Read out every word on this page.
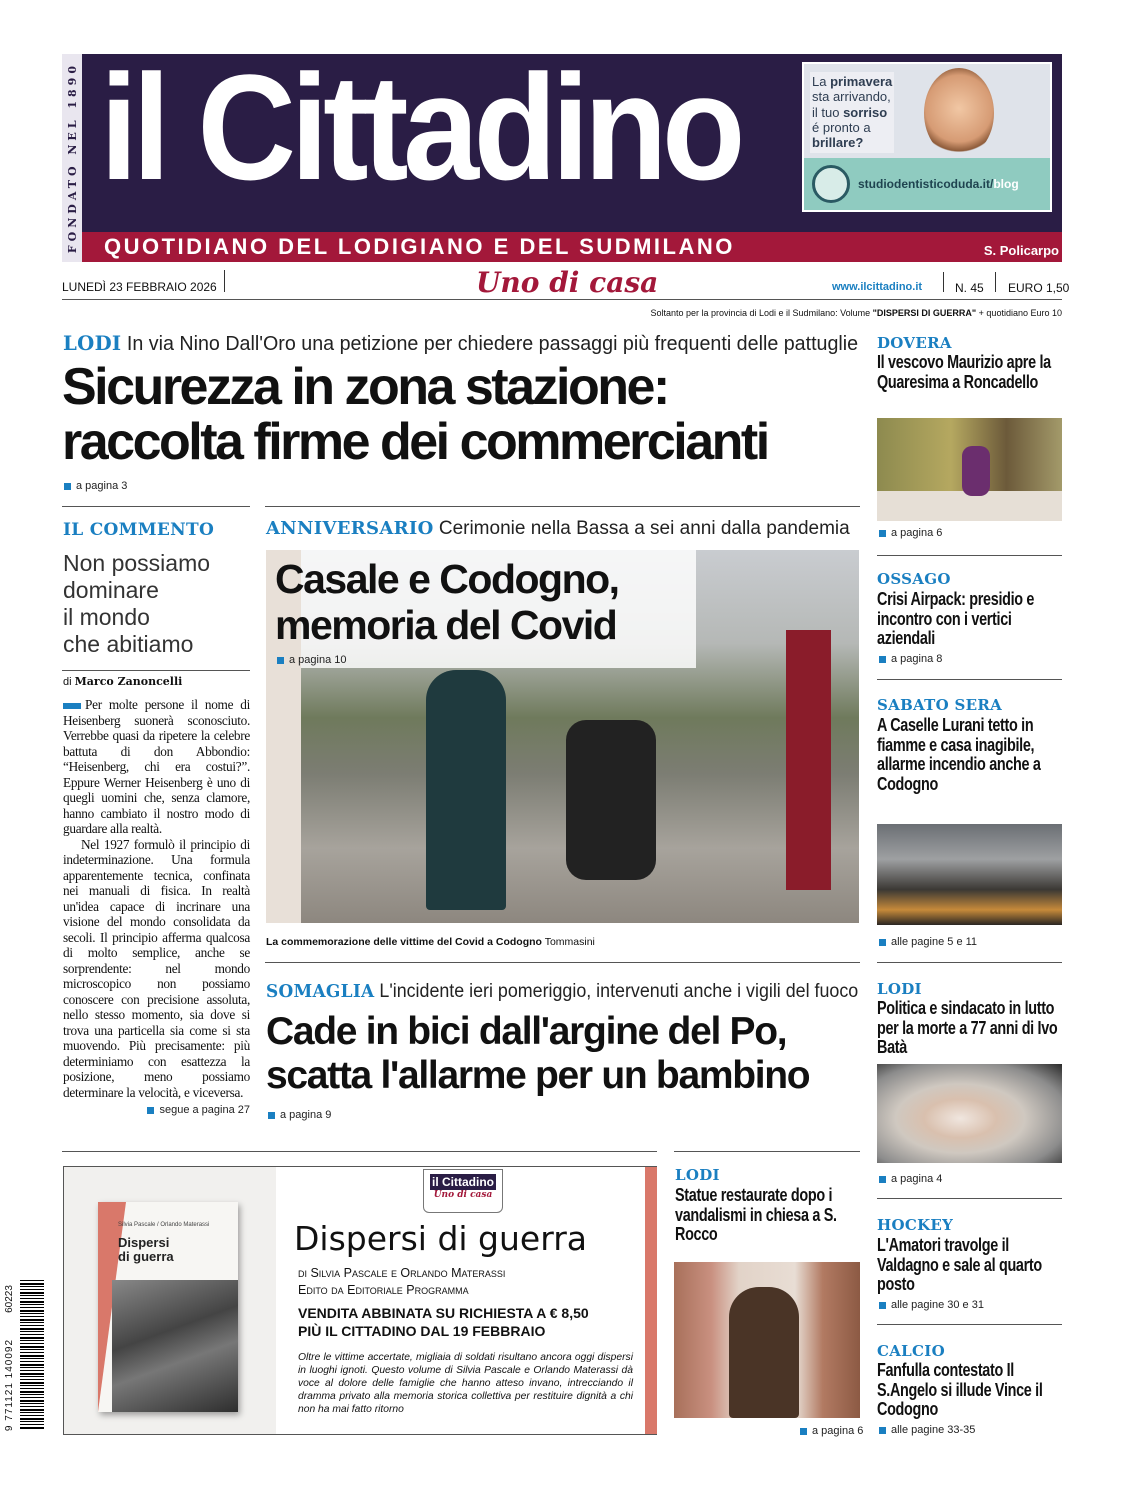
FONDATO NEL 1890 il Cittadino
QUOTIDIANO DEL LODIGIANO E DEL SUDMILANO	S. Policarpo
La primavera
sta arrivando,
il tuo sorriso
é pronto a
brillare?
studiodentisticoduda.it/blog
LUNEDÌ 23 FEBBRAIO 2026	Uno di casa	www.ilcittadino.it	N. 45 EURO 1,50
Soltanto per la provincia di Lodi e il Sudmilano: Volume "DISPERSI DI GUERRA" + quotidiano Euro 10
LODI In via Nino Dall'Oro una petizione per chiedere passaggi più frequenti delle pattuglie
Sicurezza in zona stazione:
raccolta firme dei commercianti
a pagina 3
IL COMMENTO
Non possiamo
dominare
il mondo
che abitiamo
di Marco Zanoncelli

Per molte persone il nome di Heisenberg suonerà sconosciuto. Verrebbe quasi da ripetere la celebre battuta di don Abbondio: “Heisenberg, chi era costui?”. Eppure Werner Heisenberg è uno di quegli uomini che, senza clamore, hanno cambiato il nostro modo di guardare alla realtà.

Nel 1927 formulò il principio di indeterminazione. Una formula apparentemente tecnica, confinata nei manuali di fisica. In realtà un'idea capace di incrinare una visione del mondo consolidata da secoli. Il principio afferma qualcosa di molto semplice, anche se sorprendente: nel mondo microscopico non possiamo conoscere con precisione assoluta, nello stesso momento, sia dove si trova una particella sia come si sta muovendo. Più precisamente: più determiniamo con esattezza la posizione, meno possiamo determinare la velocità, e viceversa.

segue a pagina 27
ANNIVERSARIO Cerimonie nella Bassa a sei anni dalla pandemia
Casale e Codogno,
memoria del Covid
a pagina 10
La commemorazione delle vittime del Covid a Codogno Tommasini
SOMAGLIA L'incidente ieri pomeriggio, intervenuti anche i vigili del fuoco
Cade in bici dall'argine del Po,
scatta l'allarme per un bambino
a pagina 9
DOVERA
Il vescovo Maurizio apre la Quaresima a Roncadello
a pagina 6
OSSAGO
Crisi Airpack: presidio e incontro con i vertici aziendali
a pagina 8
SABATO SERA
A Caselle Lurani tetto in fiamme e casa inagibile, allarme incendio anche a Codogno
alle pagine 5 e 11
LODI
Politica e sindacato in lutto per la morte a 77 anni di Ivo Batà
a pagina 4
HOCKEY
L'Amatori travolge il Valdagno e sale al quarto posto
alle pagine 30 e 31
CALCIO
Fanfulla contestato Il S.Angelo si illude Vince il Codogno
alle pagine 33-35
LODI
Statue restaurate dopo i vandalismi in chiesa a S. Rocco
a pagina 6
Silvia Pascale / Orlando Materassi
Dispersi
di guerra
il Cittadino
Uno di casa
Dispersi di guerra
di Silvia Pascale e Orlando Materassi
Edito da Editoriale Programma
VENDITA ABBINATA SU RICHIESTA A € 8,50
PIÙ IL CITTADINO DAL 19 FEBBRAIO
Oltre le vittime accertate, migliaia di soldati risultano ancora oggi dispersi in luoghi ignoti. Questo volume di Silvia Pascale e Orlando Materassi dà voce al dolore delle famiglie che hanno atteso invano, intrecciando il dramma privato alla memoria storica collettiva per restituire dignità a chi non ha mai fatto ritorno
9 771121 140092
60223
